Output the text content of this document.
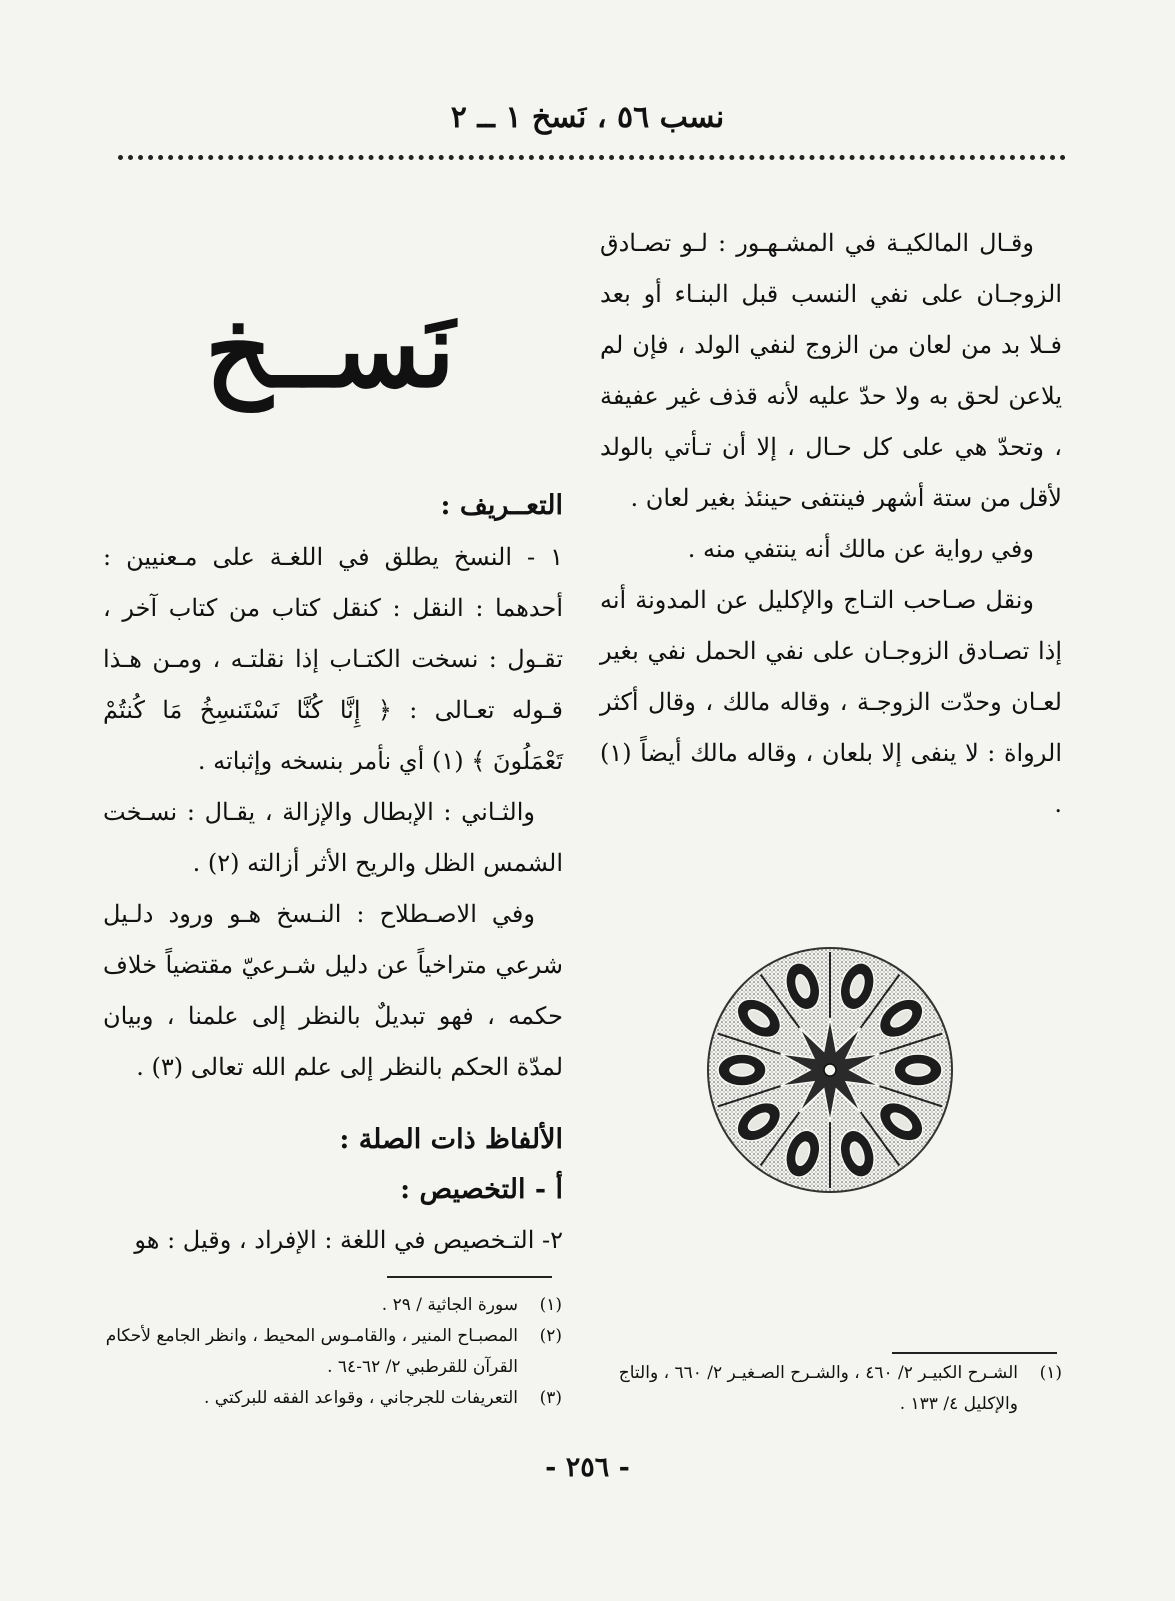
نسب ٥٦ ، نَسخ ١ ــ ٢

وقـال المالكيـة في المشـهـور : لـو تصـادق الزوجـان على نفي النسب قبل البنـاء أو بعد فـلا بد من لعان من الزوج لنفي الولد ، فإن لم يلاعن لحق به ولا حدّ عليه لأنه قذف غير عفيفة ، وتحدّ هي على كل حـال ، إلا أن تـأتي بالولد لأقل من ستة أشهر فينتفى حينئذ بغير لعان .

وفي رواية عن مالك أنه ينتفي منه .

ونقل صـاحب التـاج والإكليل عن المدونة أنه إذا تصـادق الزوجـان على نفي الحمل نفي بغير لعـان وحدّت الزوجـة ، وقاله مالك ، وقال أكثر الرواة : لا ينفى إلا بلعان ، وقاله مالك أيضاً (١) .

نَســخ

التعــريف :

١ - النسخ يطلق في اللغـة على مـعنيين : أحدهما : النقل : كنقل كتاب من كتاب آخر ، تقـول : نسخت الكتـاب إذا نقلتـه ، ومـن هـذا قـوله تعـالى : ﴿ إِنَّا كُنَّا نَسْتَنسِخُ مَا كُنتُمْ تَعْمَلُونَ ﴾ (١) أي نأمر بنسخه وإثباته .

والثـاني : الإبطال والإزالة ، يقـال : نسـخت الشمس الظل والريح الأثر أزالته (٢) .

وفي الاصـطلاح : النـسخ هـو ورود دلـيل شرعي متراخياً عن دليل شـرعيّ مقتضياً خلاف حكمه ، فهو تبديلٌ بالنظر إلى علمنا ، وبيان لمدّة الحكم بالنظر إلى علم الله تعالى (٣) .

الألفاظ ذات الصلة :

أ - التخصيص :

٢- التـخصيص في اللغة : الإفراد ، وقيل : هو

(١)سورة الجاثية / ٢٩ .

(٢)المصبـاح المنير ، والقامـوس المحيط ، وانظر الجامع لأحكام القرآن للقرطبي ٢/ ٦٢-٦٤ .

(٣)التعريفات للجرجاني ، وقواعد الفقه للبركتي .

(١)الشـرح الكبيـر ٢/ ٤٦٠ ، والشـرح الصـغيـر ٢/ ٦٦٠ ، والتاج والإكليل ٤/ ١٣٣ .

- ٢٥٦ -
